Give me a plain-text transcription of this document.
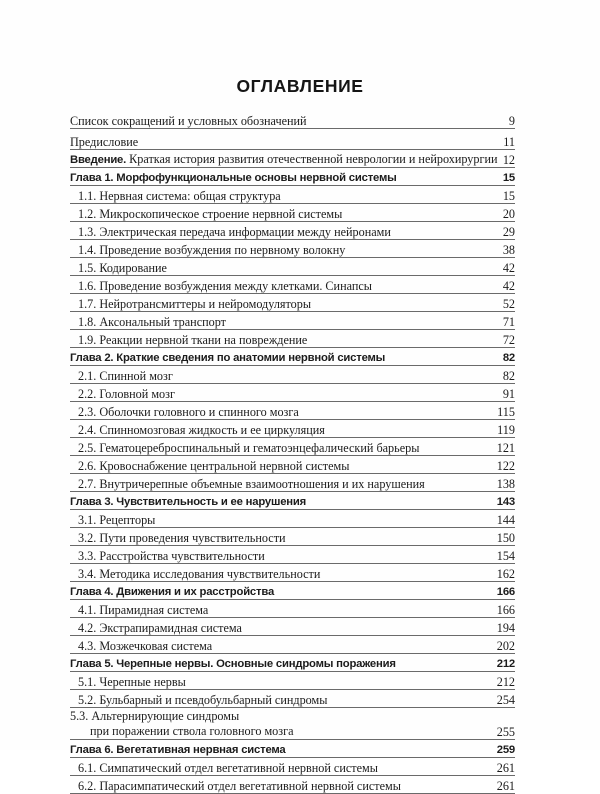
ОГЛАВЛЕНИЕ
Список сокращений и условных обозначений	9
Предисловие	11
Введение. Краткая история развития отечественной неврологии и нейрохирургии 12
Глава 1. Морфофункциональные основы нервной системы	15
1.1. Нервная система: общая структура	15
1.2. Микроскопическое строение нервной системы	20
1.3. Электрическая передача информации между нейронами	29
1.4. Проведение возбуждения по нервному волокну	38
1.5. Кодирование	42
1.6. Проведение возбуждения между клетками. Синапсы	42
1.7. Нейротрансмиттеры и нейромодуляторы	52
1.8. Аксональный транспорт	71
1.9. Реакции нервной ткани на повреждение	72
Глава 2. Краткие сведения по анатомии нервной системы	82
2.1. Спинной мозг	82
2.2. Головной мозг	91
2.3. Оболочки головного и спинного мозга	115
2.4. Спинномозговая жидкость и ее циркуляция	119
2.5. Гематоцереброспинальный и гематоэнцефалический барьеры	121
2.6. Кровоснабжение центральной нервной системы	122
2.7. Внутричерепные объемные взаимоотношения и их нарушения	138
Глава 3. Чувствительность и ее нарушения	143
3.1. Рецепторы	144
3.2. Пути проведения чувствительности	150
3.3. Расстройства чувствительности	154
3.4. Методика исследования чувствительности	162
Глава 4. Движения и их расстройства	166
4.1. Пирамидная система	166
4.2. Экстрапирамидная система	194
4.3. Мозжечковая система	202
Глава 5. Черепные нервы. Основные синдромы поражения	212
5.1. Черепные нервы	212
5.2. Бульбарный и псевдобульбарный синдромы	254
5.3. Альтернирующие синдромы
при поражении ствола головного мозга	255
Глава 6. Вегетативная нервная система	259
6.1. Симпатический отдел вегетативной нервной системы	261
6.2. Парасимпатический отдел вегетативной нервной системы	261
